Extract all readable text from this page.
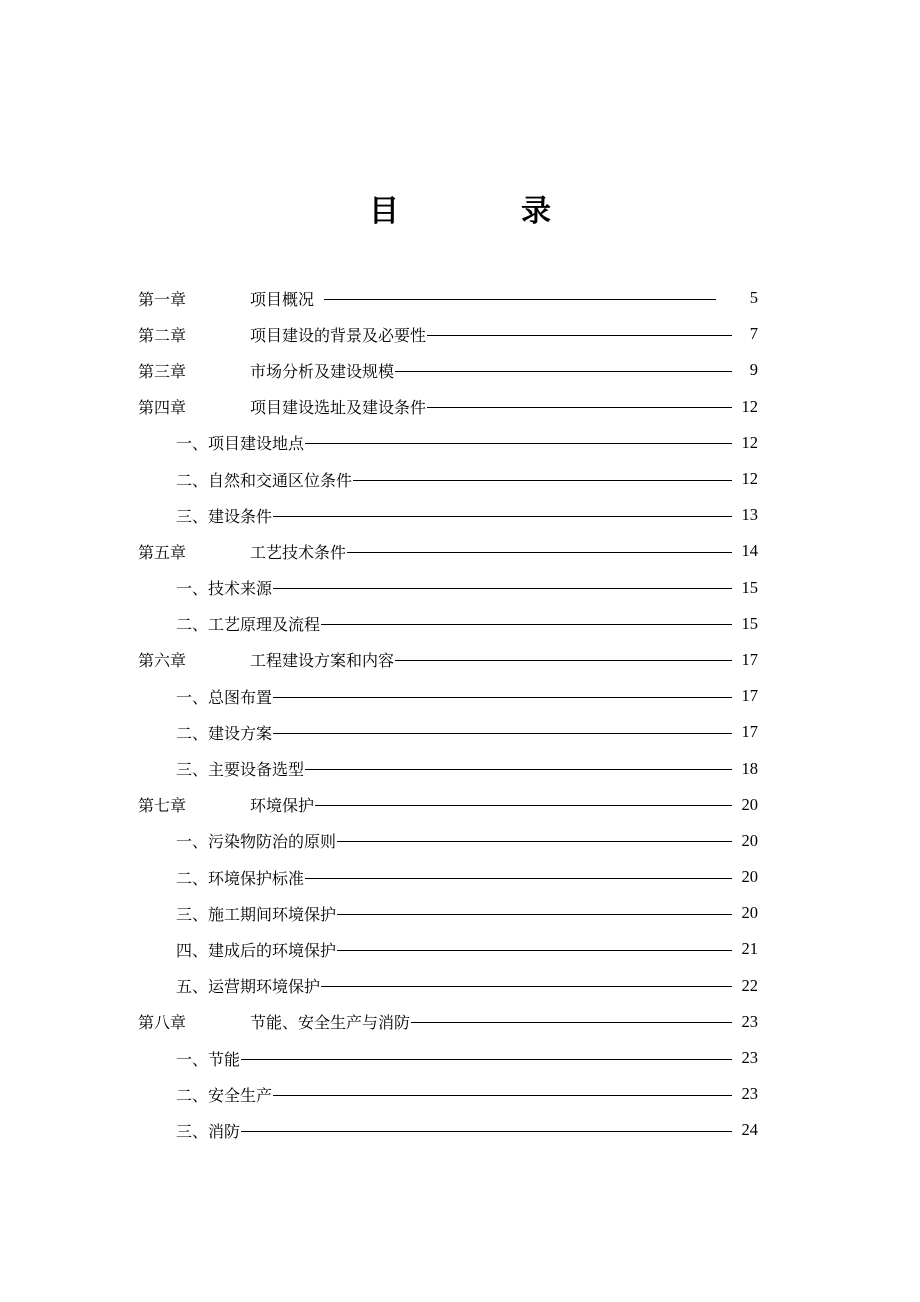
目　录
第一章	项目概况	5
第二章	项目建设的背景及必要性	7
第三章	市场分析及建设规模	9
第四章	项目建设选址及建设条件	12
一、项目建设地点	12
二、自然和交通区位条件	12
三、建设条件	13
第五章	工艺技术条件	14
一、技术来源	15
二、工艺原理及流程	15
第六章	工程建设方案和内容	17
一、总图布置	17
二、建设方案	17
三、主要设备选型	18
第七章	环境保护	20
一、污染物防治的原则	20
二、环境保护标准	20
三、施工期间环境保护	20
四、建成后的环境保护	21
五、运营期环境保护	22
第八章	节能、安全生产与消防	23
一、节能	23
二、安全生产	23
三、消防	24
